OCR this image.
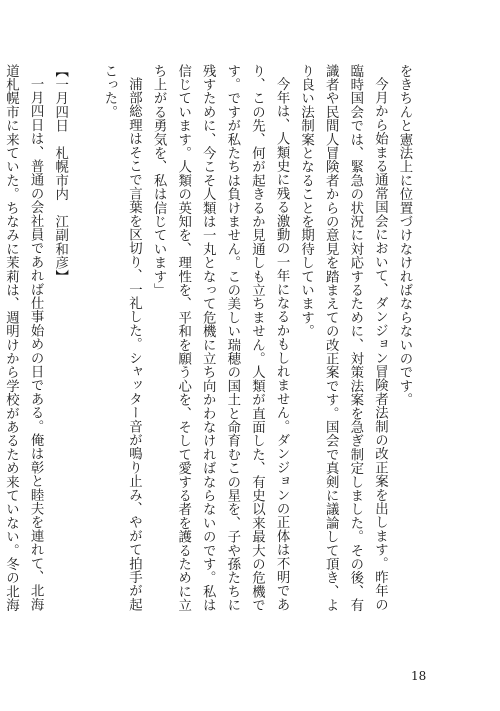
をきちんと憲法上に位置づけなければならないのです。

今月から始まる通常国会において、ダンジョン冒険者法制の改正案を出します。昨年の臨時国会では、緊急の状況に対応するために、対策法案を急ぎ制定しました。その後、有識者や民間人冒険者からの意見を踏まえての改正案です。国会で真剣に議論して頂き、より良い法制案となることを期待しています。

今年は、人類史に残る激動の一年になるかもしれません。ダンジョンの正体は不明であり、この先、何が起きるか見通しも立ちません。人類が直面した、有史以来最大の危機です。ですが私たちは負けません。この美しい瑞穂の国土と命育むこの星を、子や孫たちに残すために、今こそ人類は一丸となって危機に立ち向かわなければならないのです。私は信じています。人類の英知を、理性を、平和を願う心を、そして愛する者を護るために立ち上がる勇気を、私は信じています」

浦部総理はそこで言葉を区切り、一礼した。シャッター音が鳴り止み、やがて拍手が起こった。

【一月四日　札幌市内　江副和彦】

一月四日は、普通の会社員であれば仕事始めの日である。俺は彰と睦夫を連れて、北海道札幌市に来ていた。ちなみに茉莉は、週明けから学校があるため来ていない。冬の北海

18
